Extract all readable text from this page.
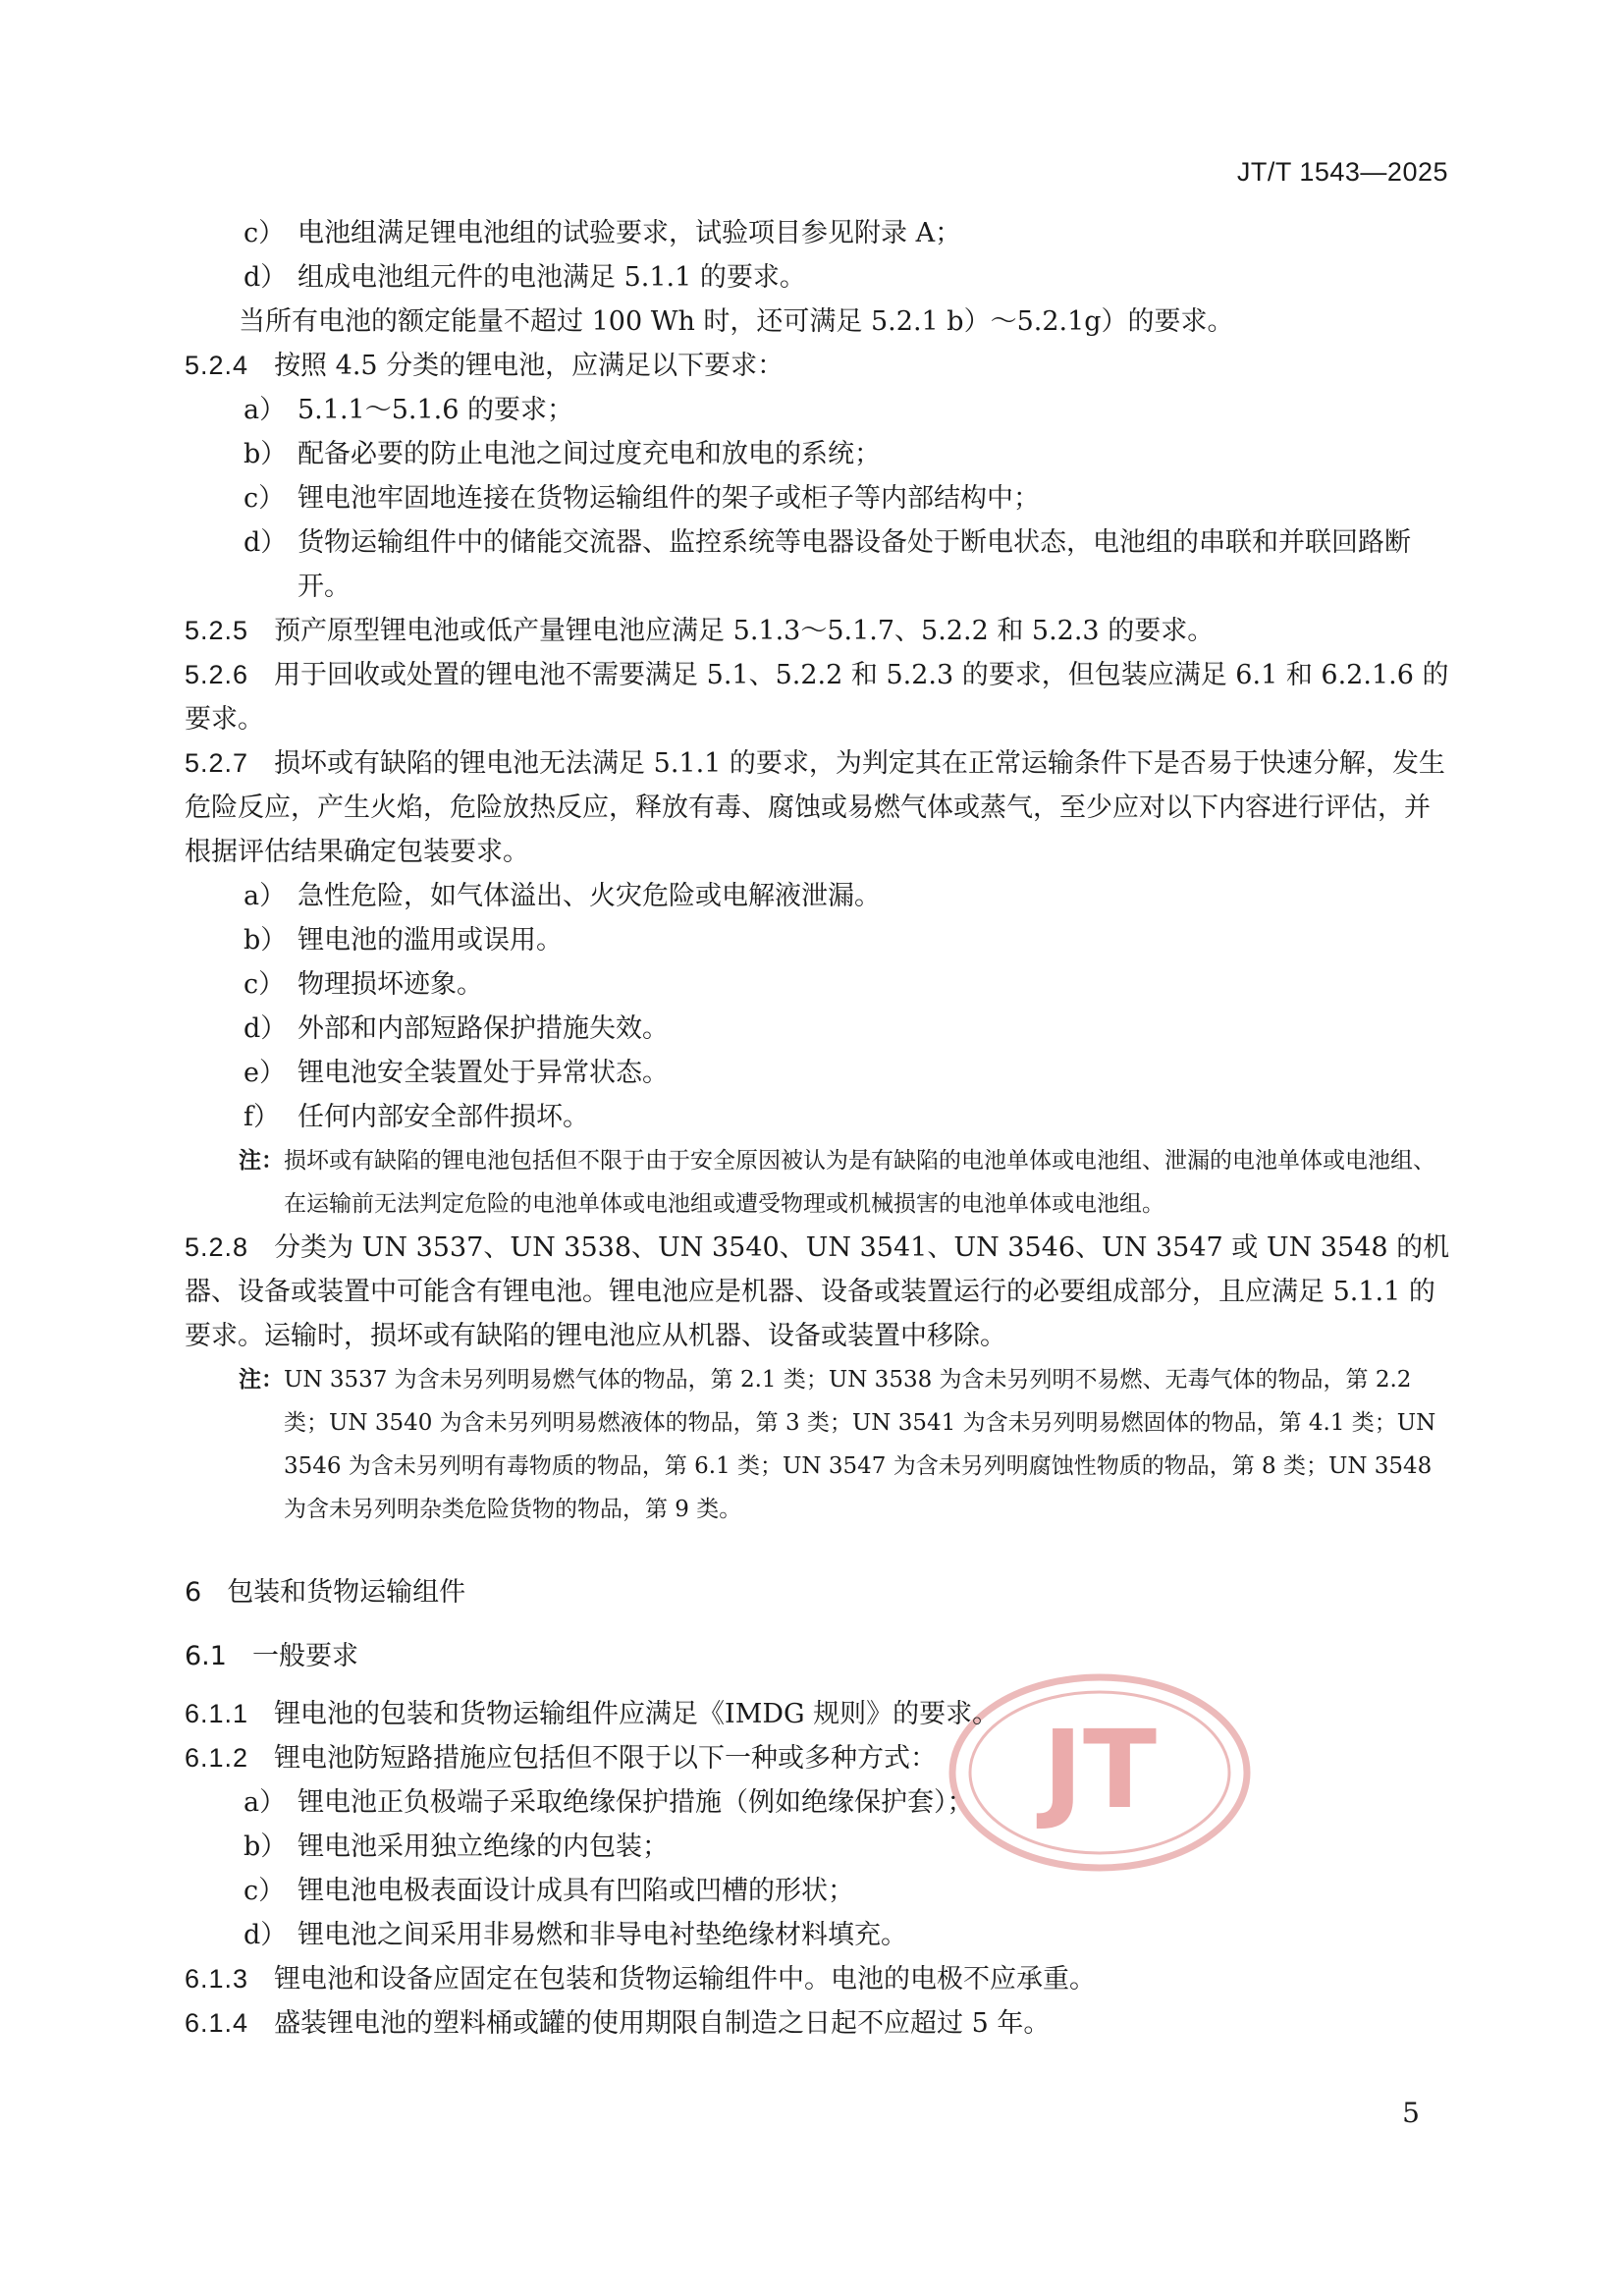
JT/T 1543—2025
JT
c） 电池组满足锂电池组的试验要求，试验项目参见附录 A；
d） 组成电池组元件的电池满足 5.1.1 的要求。

当所有电池的额定能量不超过 100 Wh 时，还可满足 5.2.1 b）～5.2.1g）的要求。

5.2.4 按照 4.5 分类的锂电池，应满足以下要求：

a） 5.1.1～5.1.6 的要求；
b） 配备必要的防止电池之间过度充电和放电的系统；
c） 锂电池牢固地连接在货物运输组件的架子或柜子等内部结构中；
d） 货物运输组件中的储能交流器、监控系统等电器设备处于断电状态，电池组的串联和并联回路断开。

5.2.5 预产原型锂电池或低产量锂电池应满足 5.1.3～5.1.7、5.2.2 和 5.2.3 的要求。

5.2.6 用于回收或处置的锂电池不需要满足 5.1、5.2.2 和 5.2.3 的要求，但包装应满足 6.1 和 6.2.1.6 的要求。

5.2.7 损坏或有缺陷的锂电池无法满足 5.1.1 的要求，为判定其在正常运输条件下是否易于快速分解，发生危险反应，产生火焰，危险放热反应，释放有毒、腐蚀或易燃气体或蒸气，至少应对以下内容进行评估，并根据评估结果确定包装要求。

a） 急性危险，如气体溢出、火灾危险或电解液泄漏。
b） 锂电池的滥用或误用。
c） 物理损坏迹象。
d） 外部和内部短路保护措施失效。
e） 锂电池安全装置处于异常状态。
f） 任何内部安全部件损坏。
注： 损坏或有缺陷的锂电池包括但不限于由于安全原因被认为是有缺陷的电池单体或电池组、泄漏的电池单体或电池组、在运输前无法判定危险的电池单体或电池组或遭受物理或机械损害的电池单体或电池组。

5.2.8 分类为 UN 3537、UN 3538、UN 3540、UN 3541、UN 3546、UN 3547 或 UN 3548 的机器、设备或装置中可能含有锂电池。锂电池应是机器、设备或装置运行的必要组成部分，且应满足 5.1.1 的要求。运输时，损坏或有缺陷的锂电池应从机器、设备或装置中移除。

注： UN 3537 为含未另列明易燃气体的物品，第 2.1 类；UN 3538 为含未另列明不易燃、无毒气体的物品，第 2.2 类；UN 3540 为含未另列明易燃液体的物品，第 3 类；UN 3541 为含未另列明易燃固体的物品，第 4.1 类；UN 3546 为含未另列明有毒物质的物品，第 6.1 类；UN 3547 为含未另列明腐蚀性物质的物品，第 8 类；UN 3548 为含未另列明杂类危险货物的物品，第 9 类。

6 包装和货物运输组件

6.1 一般要求

6.1.1 锂电池的包装和货物运输组件应满足《IMDG 规则》的要求。

6.1.2 锂电池防短路措施应包括但不限于以下一种或多种方式：

a） 锂电池正负极端子采取绝缘保护措施（例如绝缘保护套）；
b） 锂电池采用独立绝缘的内包装；
c） 锂电池电极表面设计成具有凹陷或凹槽的形状；
d） 锂电池之间采用非易燃和非导电衬垫绝缘材料填充。

6.1.3 锂电池和设备应固定在包装和货物运输组件中。电池的电极不应承重。

6.1.4 盛装锂电池的塑料桶或罐的使用期限自制造之日起不应超过 5 年。

5
